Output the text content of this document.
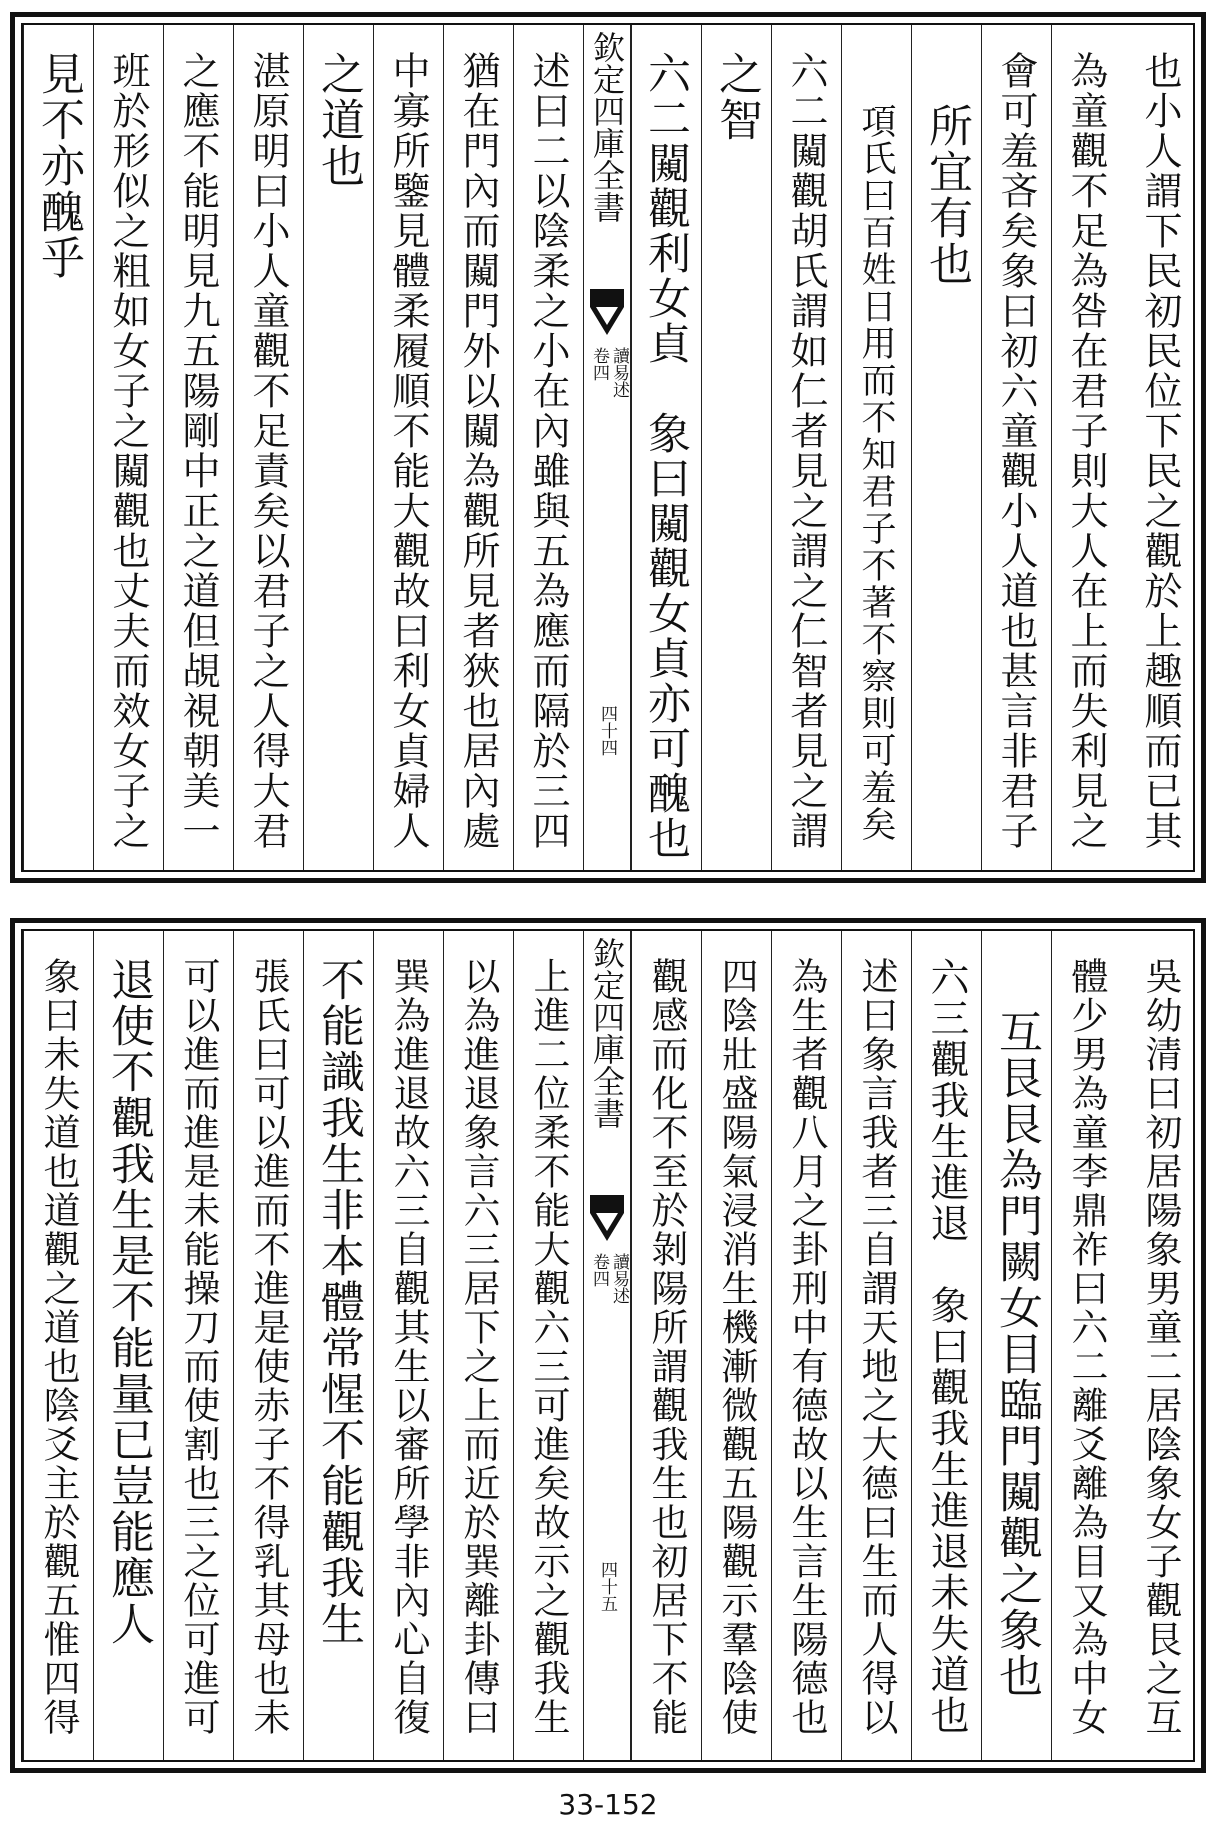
見不亦醜乎 班於形似之粗如女子之闚觀也丈夫而效女子之 之應不能明見九五陽剛中正之道但覘視朝美一 湛原明曰小人童觀不足責矣以君子之人得大君 之道也 中寡所鑒見體柔履順不能大觀故曰利女貞婦人 猶在門內而闚門外以闚為觀所見者狹也居內處 述曰二以陰柔之小在內雖與五為應而隔於三四 欽定四庫全書
讀易述
卷四
四十四 六二闚觀利女貞　象曰闚觀女貞亦可醜也 之智 六二闚觀胡氏謂如仁者見之謂之仁智者見之謂 項氏曰百姓日用而不知君子不著不察則可羞矣 所宜有也 會可羞吝矣象曰初六童觀小人道也甚言非君子 為童觀不足為咎在君子則大人在上而失利見之 也小人謂下民初民位下民之觀於上趣順而已其
象曰未失道也道觀之道也陰爻主於觀五惟四得 退使不觀我生是不能量已豈能應人 可以進而進是未能操刀而使割也三之位可進可 張氏曰可以進而不進是使赤子不得乳其母也未 不能識我生非本體常惺不能觀我生 巽為進退故六三自觀其生以審所學非內心自復 以為進退象言六三居下之上而近於巽離卦傳曰 上進二位柔不能大觀六三可進矣故示之觀我生 欽定四庫全書
讀易述
卷四
四十五 觀感而化不至於剝陽所謂觀我生也初居下不能 四陰壯盛陽氣浸消生機漸微觀五陽觀示羣陰使 為生者觀八月之卦刑中有德故以生言生陽德也 述曰象言我者三自謂天地之大德曰生而人得以 六三觀我生進退　象曰觀我生進退未失道也 互艮艮為門闕女目臨門闚觀之象也 體少男為童李鼎祚曰六二離爻離為目又為中女 吳幼清曰初居陽象男童二居陰象女子觀艮之互
33-152
